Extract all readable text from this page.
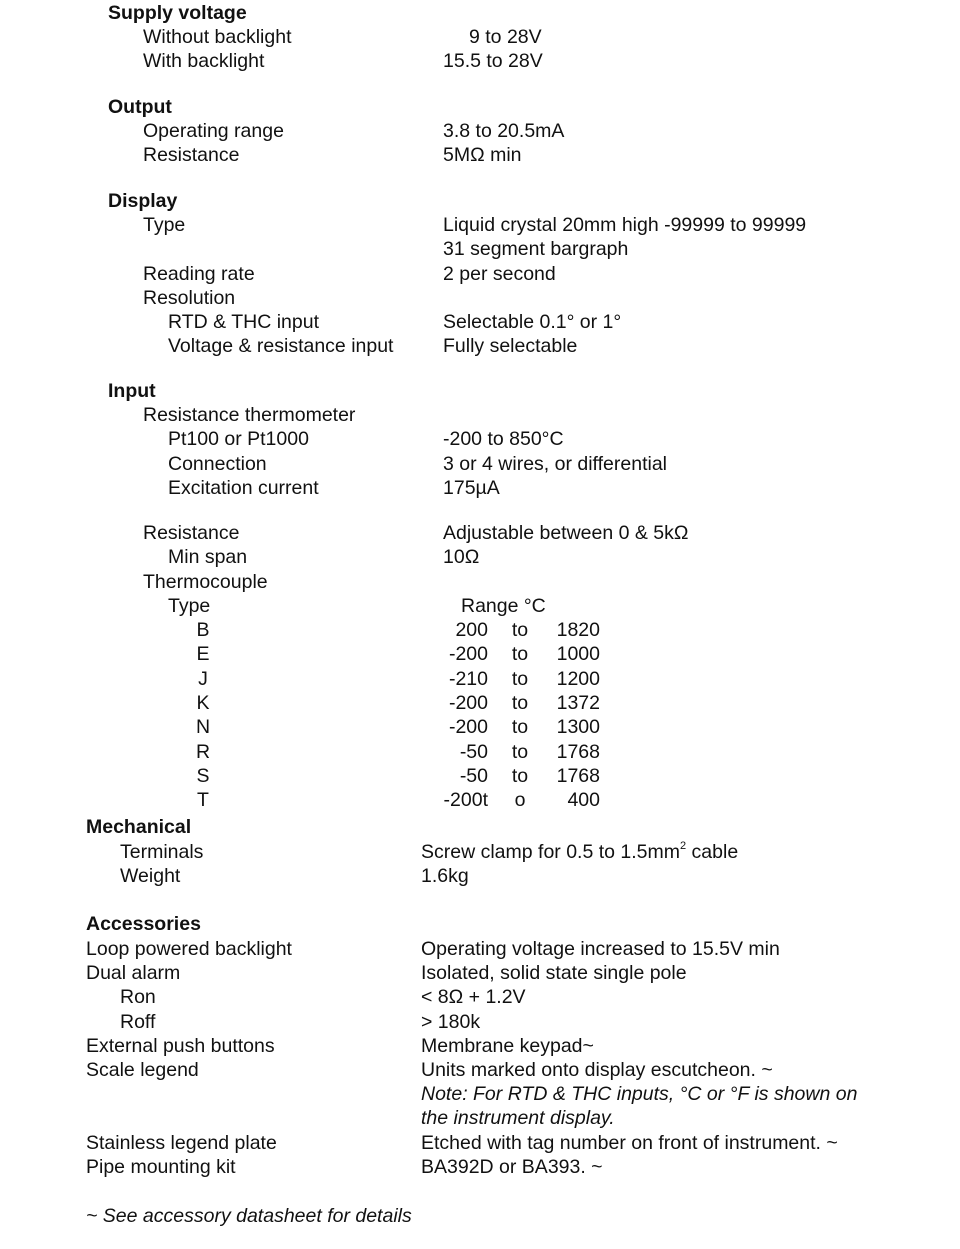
Supply voltage
Without backlight	9 to 28V
With backlight	15.5 to 28V
Output
Operating range	3.8 to 20.5mA
Resistance	5MΩ min
Display
Type	Liquid crystal 20mm high -99999 to 99999
31 segment bargraph
Reading rate	2 per second
Resolution
RTD & THC input	Selectable 0.1° or 1°
Voltage & resistance input	Fully selectable
Input
Resistance thermometer
Pt100 or Pt1000	-200 to 850°C
Connection	3 or 4 wires, or differential
Excitation current	175µA
Resistance	Adjustable between 0 & 5kΩ
Min span	10Ω
Thermocouple
Type	Range °C
B	200 to	1820
E	-200 to	1000
J	-210 to	1200
K	-200 to	1372
N	-200 to	1300
R	-50 to	1768
S	-50 to	1768
T	-200t	o	400
Mechanical
Terminals	Screw clamp for 0.5 to $1.5mm^2$ cable
Weight	1.6kg
Accessories
Loop powered backlight	Operating voltage increased to 15.5V min
Dual alarm	Isolated, solid state single pole
Ron	< 8Ω + 1.2V
Roff	> 180k
External push buttons	Membrane keypad~
Scale legend	Units marked onto display escutcheon. ~
Note: For RTD & THC inputs, °C or °F is shown on
the instrument display.
Stainless legend plate	Etched with tag number on front of instrument. ~
Pipe mounting kit	BA392D or BA393. ~
~ See accessory datasheet for details
